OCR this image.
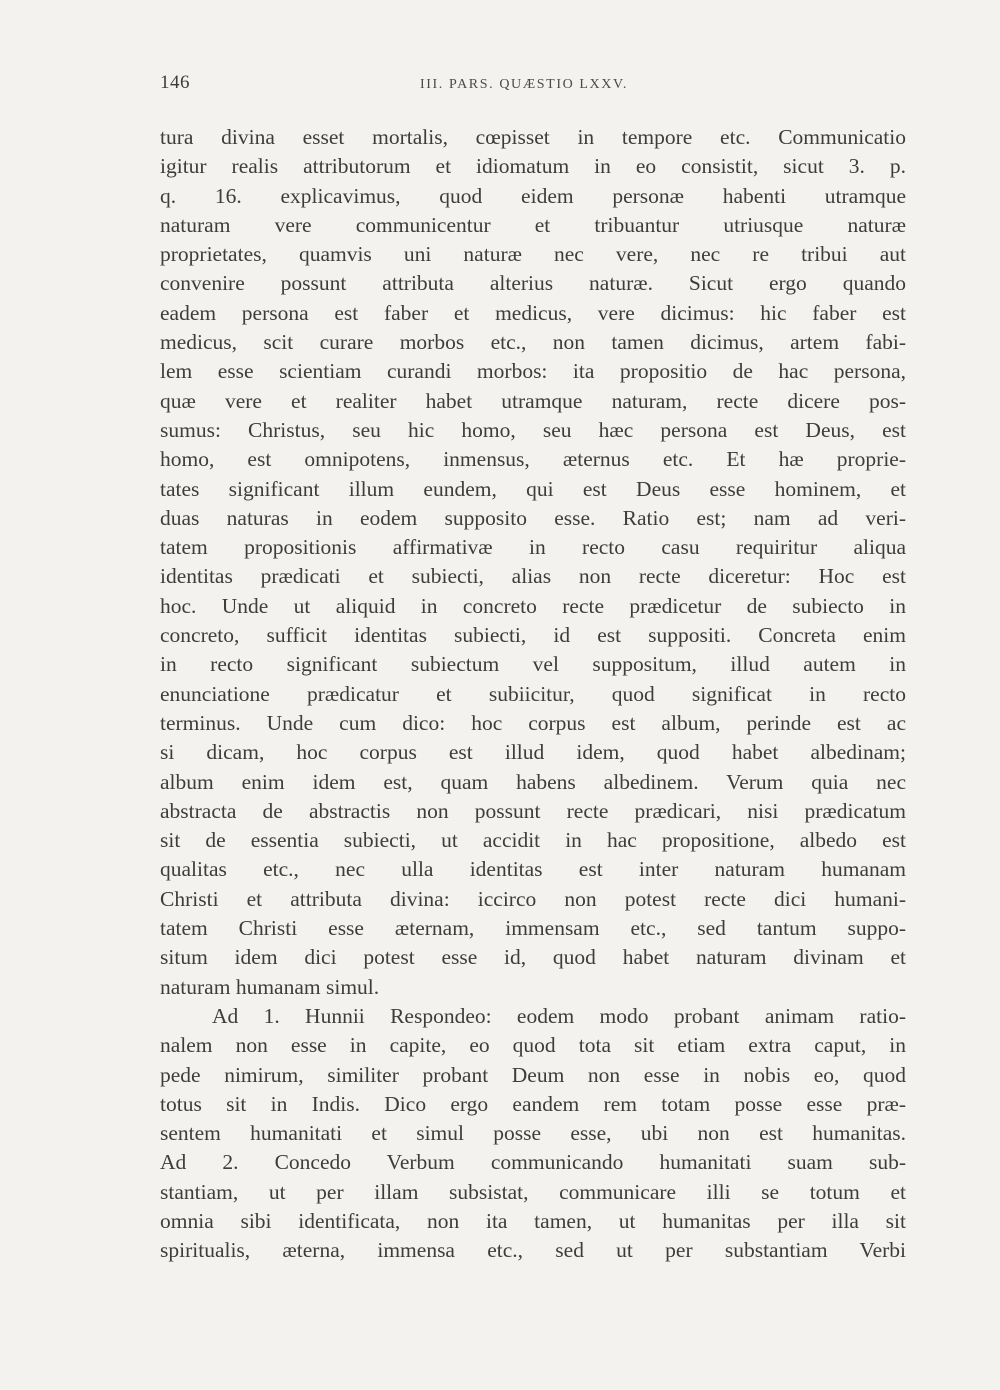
146	III. PARS. QUÆSTIO LXXV.
tura divina esset mortalis, cœpisset in tempore etc. Communicatio
igitur realis attributorum et idiomatum in eo consistit, sicut 3. p.
q. 16. explicavimus, quod eidem personæ habenti utramque
naturam vere communicentur et tribuantur utriusque naturæ
proprietates, quamvis uni naturæ nec vere, nec re tribui aut
convenire possunt attributa alterius naturæ. Sicut ergo quando
eadem persona est faber et medicus, vere dicimus: hic faber est
medicus, scit curare morbos etc., non tamen dicimus, artem fabi-
lem esse scientiam curandi morbos: ita propositio de hac persona,
quæ vere et realiter habet utramque naturam, recte dicere pos-
sumus: Christus, seu hic homo, seu hæc persona est Deus, est
homo, est omnipotens, inmensus, æternus etc. Et hæ proprie-
tates significant illum eundem, qui est Deus esse hominem, et
duas naturas in eodem supposito esse. Ratio est; nam ad veri-
tatem propositionis affirmativæ in recto casu requiritur aliqua
identitas prædicati et subiecti, alias non recte diceretur: Hoc est
hoc. Unde ut aliquid in concreto recte prædicetur de subiecto in
concreto, sufficit identitas subiecti, id est suppositi. Concreta enim
in recto significant subiectum vel suppositum, illud autem in
enunciatione prædicatur et subiicitur, quod significat in recto
terminus. Unde cum dico: hoc corpus est album, perinde est ac
si dicam, hoc corpus est illud idem, quod habet albedinam;
album enim idem est, quam habens albedinem. Verum quia nec
abstracta de abstractis non possunt recte prædicari, nisi prædicatum
sit de essentia subiecti, ut accidit in hac propositione, albedo est
qualitas etc., nec ulla identitas est inter naturam humanam
Christi et attributa divina: iccirco non potest recte dici humani-
tatem Christi esse æternam, immensam etc., sed tantum suppo-
situm idem dici potest esse id, quod habet naturam divinam et
naturam humanam simul.
Ad 1. Hunnii Respondeo: eodem modo probant animam ratio-
nalem non esse in capite, eo quod tota sit etiam extra caput, in
pede nimirum, similiter probant Deum non esse in nobis eo, quod
totus sit in Indis. Dico ergo eandem rem totam posse esse præ-
sentem humanitati et simul posse esse, ubi non est humanitas.
Ad 2. Concedo Verbum communicando humanitati suam sub-
stantiam, ut per illam subsistat, communicare illi se totum et
omnia sibi identificata, non ita tamen, ut humanitas per illa sit
spiritualis, æterna, immensa etc., sed ut per substantiam Verbi
